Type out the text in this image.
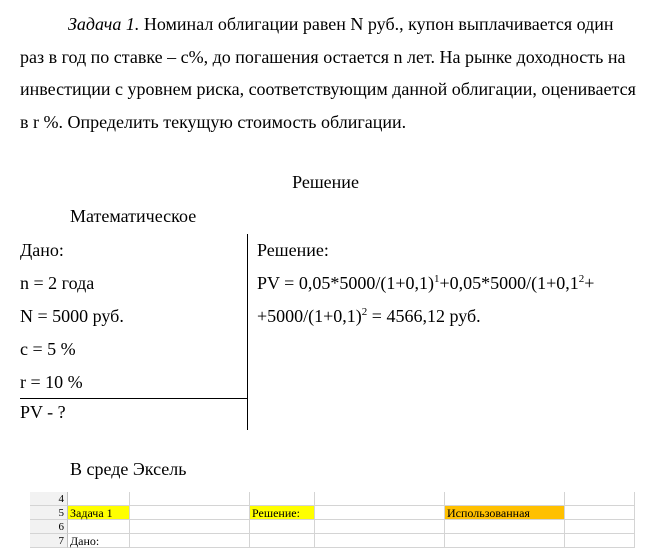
Задача 1. Номинал облигации равен N руб., купон выплачивается один раз в год по ставке – с%, до погашения остается n лет. На рынке доходность на инвестиции с уровнем риска, соответствующим данной облигации, оценивается в r %. Определить текущую стоимость облигации.

Решение
Математическое
Дано:
n = 2 года
N = 5000 руб.
c = 5 %
r = 10 %
PV - ?
Решение:
PV = $0,05*5000/(1+0,1)^1+0,05*5000/(1+0,1^2+$
$+5000/(1+0,1)^2 = 4566,12$ руб.
В среде Эксель
4
5 Задача 1	Решение:	Использованная
6
7 Дано:
